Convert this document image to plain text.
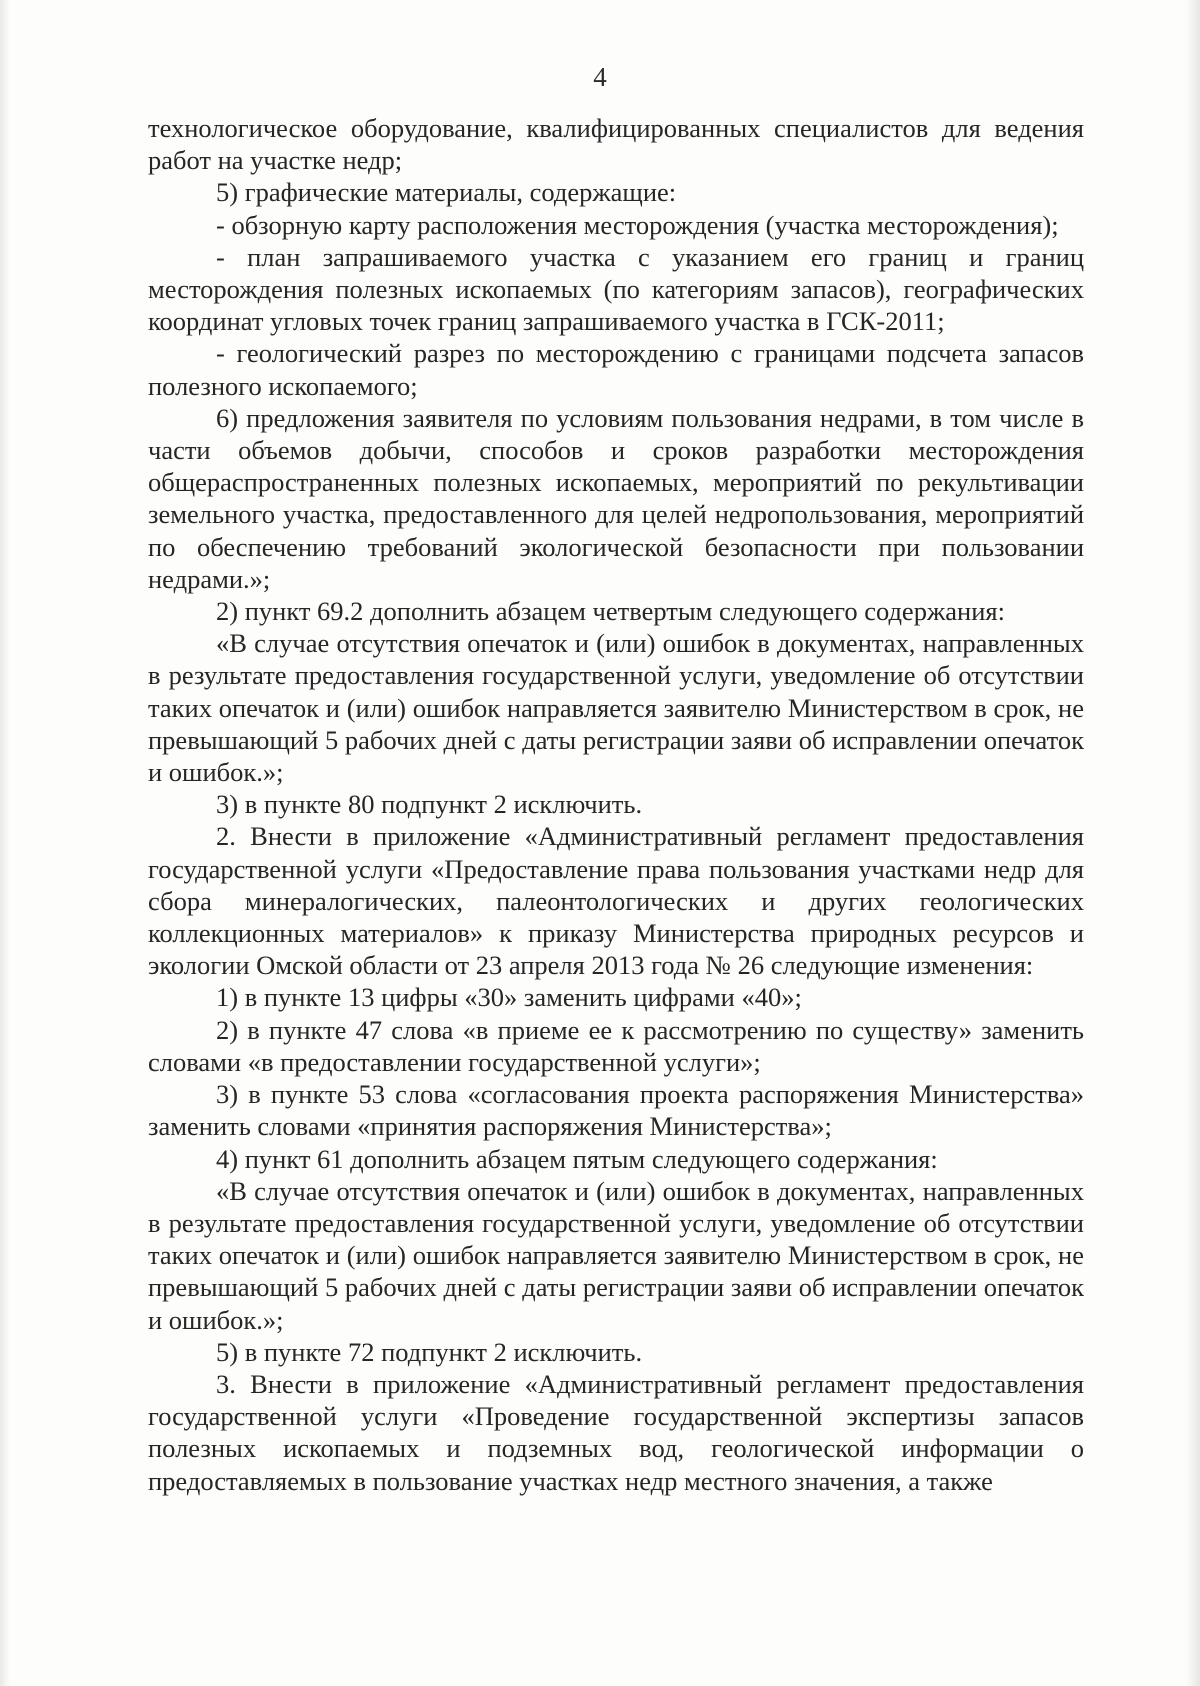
4

технологическое оборудование, квалифицированных специалистов для ведения работ на участке недр;

5) графические материалы, содержащие:

- обзорную карту расположения месторождения (участка месторождения);

- план запрашиваемого участка с указанием его границ и границ месторождения полезных ископаемых (по категориям запасов), географических координат угловых точек границ запрашиваемого участка в ГСК-2011;

- геологический разрез по месторождению с границами подсчета запасов полезного ископаемого;

6) предложения заявителя по условиям пользования недрами, в том числе в части объемов добычи, способов и сроков разработки месторождения общераспространенных полезных ископаемых, мероприятий по рекультивации земельного участка, предоставленного для целей недропользования, мероприятий по обеспечению требований экологической безопасности при пользовании недрами.»;

2) пункт 69.2 дополнить абзацем четвертым следующего содержания:

«В случае отсутствия опечаток и (или) ошибок в документах, направленных в результате предоставления государственной услуги, уведомление об отсутствии таких опечаток и (или) ошибок направляется заявителю Министерством в срок, не превышающий 5 рабочих дней с даты регистрации заяви об исправлении опечаток и ошибок.»;

3) в пункте 80 подпункт 2 исключить.

2. Внести в приложение «Административный регламент предоставления государственной услуги «Предоставление права пользования участками недр для сбора минералогических, палеонтологических и других геологических коллекционных материалов» к приказу Министерства природных ресурсов и экологии Омской области от 23 апреля 2013 года № 26 следующие изменения:

1) в пункте 13 цифры «30» заменить цифрами «40»;

2) в пункте 47 слова «в приеме ее к рассмотрению по существу» заменить словами «в предоставлении государственной услуги»;

3) в пункте 53 слова «согласования проекта распоряжения Министерства» заменить словами «принятия распоряжения Министерства»;

4) пункт 61 дополнить абзацем пятым следующего содержания:

«В случае отсутствия опечаток и (или) ошибок в документах, направленных в результате предоставления государственной услуги, уведомление об отсутствии таких опечаток и (или) ошибок направляется заявителю Министерством в срок, не превышающий 5 рабочих дней с даты регистрации заяви об исправлении опечаток и ошибок.»;

5) в пункте 72 подпункт 2 исключить.

3. Внести в приложение «Административный регламент предоставления государственной услуги «Проведение государственной экспертизы запасов полезных ископаемых и подземных вод, геологической информации о предоставляемых в пользование участках недр местного значения, а также
